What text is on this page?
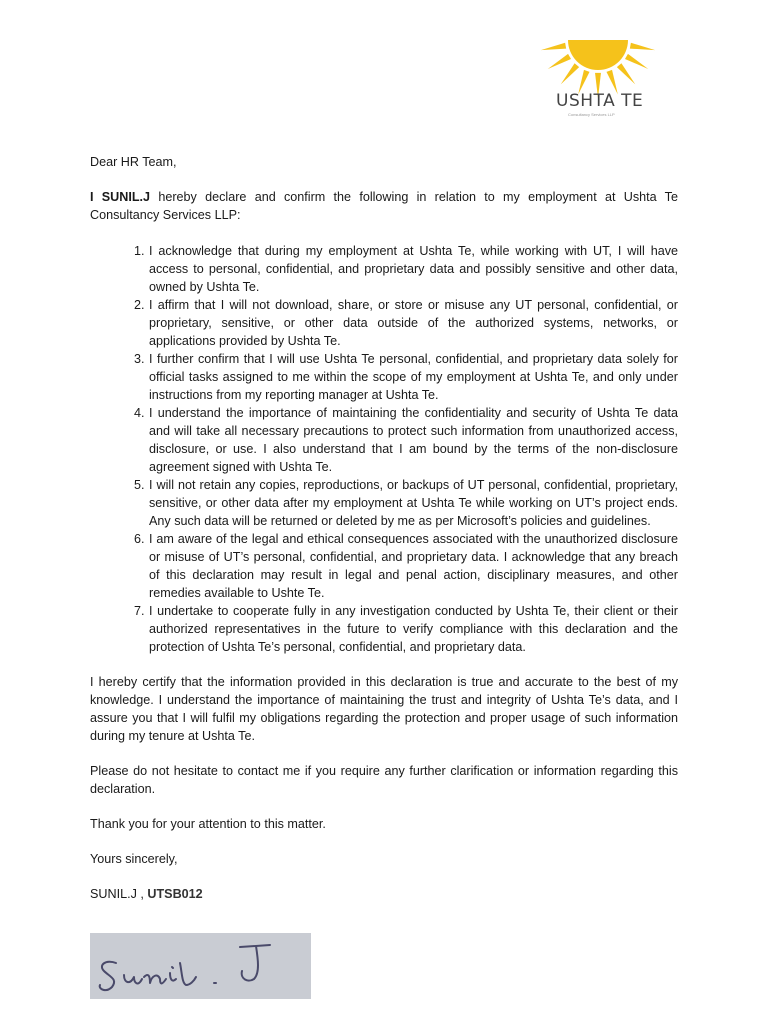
USHTA TE
Consultancy Services LLP

Dear HR Team,

I SUNIL.J hereby declare and confirm the following in relation to my employment at Ushta Te Consultancy Services LLP:

1. I acknowledge that during my employment at Ushta Te, while working with UT, I will have access to personal, confidential, and proprietary data and possibly sensitive and other data, owned by Ushta Te.
2. I affirm that I will not download, share, or store or misuse any UT personal, confidential, or proprietary, sensitive, or other data outside of the authorized systems, networks, or applications provided by Ushta Te.
3. I further confirm that I will use Ushta Te personal, confidential, and proprietary data solely for official tasks assigned to me within the scope of my employment at Ushta Te, and only under instructions from my reporting manager at Ushta Te.
4. I understand the importance of maintaining the confidentiality and security of Ushta Te data and will take all necessary precautions to protect such information from unauthorized access, disclosure, or use. I also understand that I am bound by the terms of the non-disclosure agreement signed with Ushta Te.
5. I will not retain any copies, reproductions, or backups of UT personal, confidential, proprietary, sensitive, or other data after my employment at Ushta Te while working on UT’s project ends. Any such data will be returned or deleted by me as per Microsoft’s policies and guidelines.
6. I am aware of the legal and ethical consequences associated with the unauthorized disclosure or misuse of UT’s personal, confidential, and proprietary data. I acknowledge that any breach of this declaration may result in legal and penal action, disciplinary measures, and other remedies available to Ushte Te.
7. I undertake to cooperate fully in any investigation conducted by Ushta Te, their client or their authorized representatives in the future to verify compliance with this declaration and the protection of Ushta Te’s personal, confidential, and proprietary data.

I hereby certify that the information provided in this declaration is true and accurate to the best of my knowledge. I understand the importance of maintaining the trust and integrity of Ushta Te’s data, and I assure you that I will fulfil my obligations regarding the protection and proper usage of such information during my tenure at Ushta Te.

Please do not hesitate to contact me if you require any further clarification or information regarding this declaration.

Thank you for your attention to this matter.

Yours sincerely,

SUNIL.J , UTSB012
